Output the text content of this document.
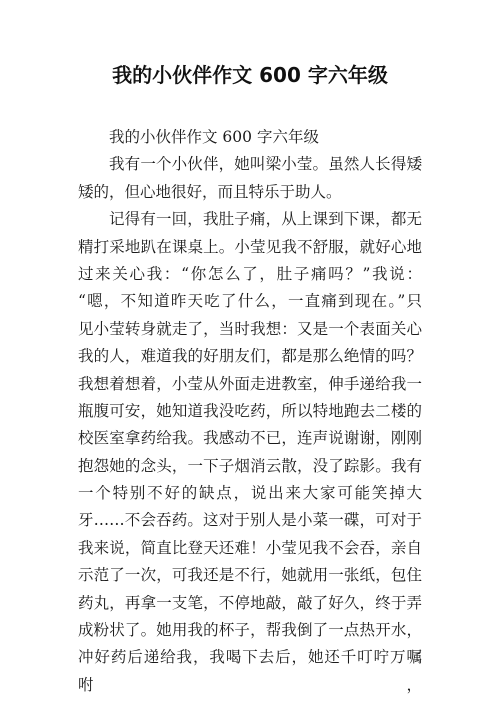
我的小伙伴作文 600 字六年级
我的小伙伴作文 600 字六年级
我有一个小伙伴，她叫梁小莹。虽然人长得矮
矮的，但心地很好，而且特乐于助人。
记得有一回，我肚子痛，从上课到下课，都无
精打采地趴在课桌上。小莹见我不舒服，就好心地
过来关心我：“你怎么了，肚子痛吗？”我说：
“嗯，不知道昨天吃了什么，一直痛到现在。”只
见小莹转身就走了，当时我想：又是一个表面关心
我的人，难道我的好朋友们，都是那么绝情的吗？
我想着想着，小莹从外面走进教室，伸手递给我一
瓶腹可安，她知道我没吃药，所以特地跑去二楼的
校医室拿药给我。我感动不已，连声说谢谢，刚刚
抱怨她的念头，一下子烟消云散，没了踪影。我有
一个特别不好的缺点，说出来大家可能笑掉大
牙……不会吞药。这对于别人是小菜一碟，可对于
我来说，简直比登天还难！小莹见我不会吞，亲自
示范了一次，可我还是不行，她就用一张纸，包住
药丸，再拿一支笔，不停地敲，敲了好久，终于弄
成粉状了。她用我的杯子，帮我倒了一点热开水，
冲好药后递给我，我喝下去后，她还千叮咛万嘱咐，
